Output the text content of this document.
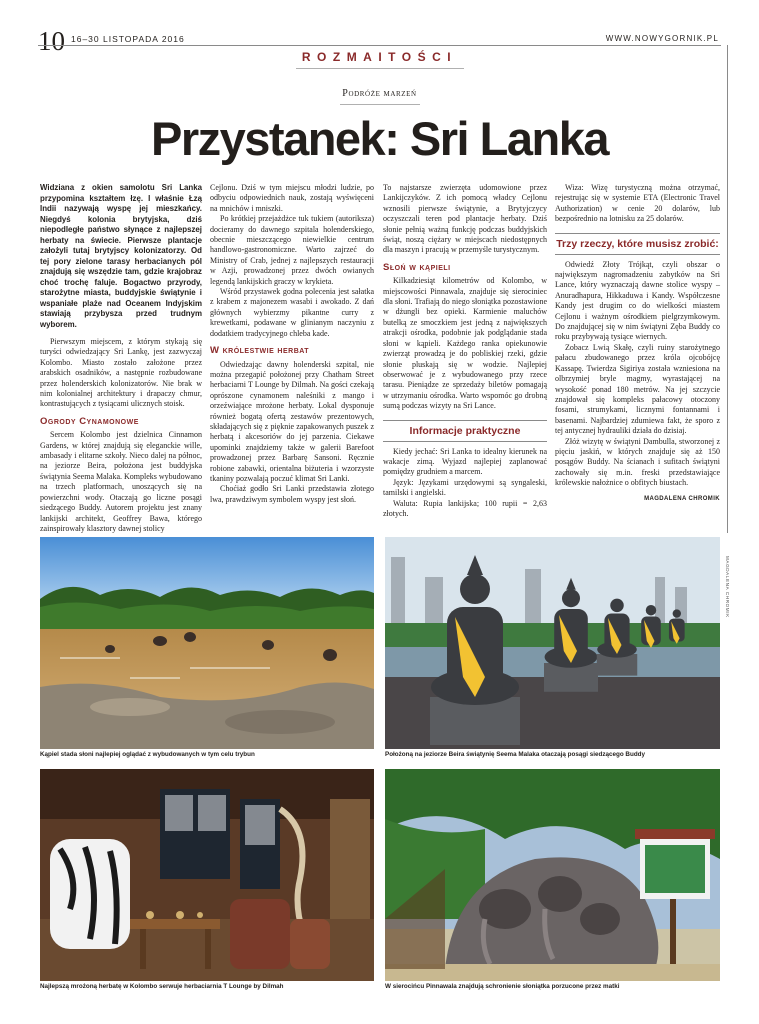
10 16–30 LISTOPADA 2016	WWW.NOWYGORNIK.PL
ROZMAITOŚCI
Podróże marzeń
Przystanek: Sri Lanka

Widziana z okien samolotu Sri Lanka przypomina kształtem łzę. I właśnie Łzą Indii nazywają wyspę jej mieszkańcy. Niegdyś kolonia brytyjska, dziś niepodległe państwo słynące z najlepszej herbaty na świecie. Pierwsze plantacje założyli tutaj brytyjscy kolonizatorzy. Od tej pory zielone tarasy herbacianych pól znajdują się wszędzie tam, gdzie krajobraz choć trochę faluje. Bogactwo przyrody, starożytne miasta, buddyjskie świątynie i wspaniałe plaże nad Oceanem Indyjskim stawiają przybysza przed trudnym wyborem.

Pierwszym miejscem, z którym stykają się turyści odwiedzający Sri Lankę, jest zazwyczaj Kolombo. Miasto zostało założone przez arabskich osadników, a następnie rozbudowane przez holenderskich kolonizatorów. Nie brak w nim kolonialnej architektury i drapaczy chmur, kontrastujących z tysiącami ulicznych stoisk.

Ogrody Cynamonowe

Sercem Kolombo jest dzielnica Cinnamon Gardens, w której znajdują się eleganckie wille, ambasady i elitarne szkoły. Nieco dalej na północ, na jeziorze Beira, położona jest buddyjska świątynia Seema Malaka. Kompleks wybudowano na trzech platformach, unoszących się na powierzchni wody. Otaczają go liczne posągi siedzącego Buddy. Autorem projektu jest znany lankijski architekt, Geoffrey Bawa, którego zainspirowały klasztory dawnej stolicy

Cejlonu. Dziś w tym miejscu młodzi ludzie, po odbyciu odpowiednich nauk, zostają wyświęceni na mnichów i mniszki.

Po krótkiej przejażdżce tuk tukiem (autoriksza) docieramy do dawnego szpitala holenderskiego, obecnie mieszczącego niewielkie centrum handlowo-gastronomiczne. Warto zajrzeć do Ministry of Crab, jednej z najlepszych restauracji w Azji, prowadzonej przez dwóch owianych legendą lankijskich graczy w krykieta.

Wśród przystawek godna polecenia jest sałatka z krabem z majonezem wasabi i awokado. Z dań głównych wybierzmy pikantne curry z krewetkami, podawane w glinianym naczyniu z dodatkiem tradycyjnego chleba kade.

W królestwie herbat

Odwiedzając dawny holenderski szpital, nie można przegapić położonej przy Chatham Street herbaciarni T Lounge by Dilmah. Na gości czekają oprószone cynamonem naleśniki z mango i orzeźwiające mrożone herbaty. Lokal dysponuje również bogatą ofertą zestawów prezentowych, składających się z pięknie zapakowanych puszek z herbatą i akcesoriów do jej parzenia. Ciekawe upominki znajdziemy także w galerii Barefoot prowadzonej przez Barbarę Sansoni. Ręcznie robione zabawki, orientalna biżuteria i wzorzyste tkaniny pozwalają poczuć klimat Sri Lanki.

Choćiaż godło Sri Lanki przedstawia złotego lwa, prawdziwym symbolem wyspy jest słoń.

To najstarsze zwierzęta udomowione przez Lankijczyków. Z ich pomocą władcy Cejlonu wznosili pierwsze świątynie, a Brytyjczycy oczyszczali teren pod plantacje herbaty. Dziś słonie pełnią ważną funkcję podczas buddyjskich świąt, noszą ciężary w miejscach niedostępnych dla maszyn i pracują w przemyśle turystycznym.

Słoń w kąpieli

Kilkadziesiąt kilometrów od Kolombo, w miejscowości Pinnawala, znajduje się sierociniec dla słoni. Trafiają do niego słoniątka pozostawione w dżungli bez opieki. Karmienie maluchów butelką ze smoczkiem jest jedną z największych atrakcji ośrodka, podobnie jak podglądanie stada słoni w kąpieli. Każdego ranka opiekunowie zwierząt prowadzą je do pobliskiej rzeki, gdzie słonie pluskają się w wodzie. Najlepiej obserwować je z wybudowanego przy rzece tarasu. Pieniądze ze sprzedaży biletów pomagają w utrzymaniu ośrodka. Warto wspomóc go drobną sumą podczas wizyty na Sri Lance.

Informacje praktyczne

Kiedy jechać: Sri Lanka to idealny kierunek na wakacje zimą. Wyjazd najlepiej zaplanować pomiędzy grudniem a marcem.

Język: Językami urzędowymi są syngaleski, tamilski i angielski.

Waluta: Rupia lankijska; 100 rupii = 2,63 złotych.

Wiza: Wizę turystyczną można otrzymać, rejestrując się w systemie ETA (Electronic Travel Authorization) w cenie 20 dolarów, lub bezpośrednio na lotnisku za 25 dolarów.

Trzy rzeczy, które musisz zrobić:

Odwiedź Złoty Trójkąt, czyli obszar o największym nagromadzeniu zabytków na Sri Lance, który wyznaczają dawne stolice wyspy – Anuradhapura, Hikkaduwa i Kandy. Współczesne Kandy jest drugim co do wielkości miastem Cejlonu i ważnym ośrodkiem pielgrzymkowym. Do znajdującej się w nim świątyni Zęba Buddy co roku przybywają tysiące wiernych.

Zobacz Lwią Skałę, czyli ruiny starożytnego pałacu zbudowanego przez króla ojcobójcę Kassapę. Twierdza Sigiriya została wzniesiona na olbrzymiej bryle magmy, wyrastającej na wysokość ponad 180 metrów. Na jej szczycie znajdował się kompleks pałacowy otoczony fosami, strumykami, licznymi fontannami i basenami. Najbardziej zdumiewa fakt, że sporo z tej antycznej hydrauliki działa do dzisiaj.

Złóż wizytę w świątyni Dambulla, stworzonej z pięciu jaskiń, w których znajduje się aż 150 posągów Buddy. Na ścianach i sufitach świątyni zachowały się m.in. freski przedstawiające królewskie nałożnice o obfitych biustach.

MAGDALENA CHROMIK

Kąpiel stada słoni najlepiej oglądać z wybudowanych w tym celu trybun	Położoną na jeziorze Beira świątynię Seema Malaka otaczają posągi siedzącego Buddy
Najlepszą mrożoną herbatę w Kolombo serwuje herbaciarnia T Lounge by Dilmah	W sierocińcu Pinnawala znajdują schronienie słoniątka porzucone przez matki
MAGDALENA CHROMIK
